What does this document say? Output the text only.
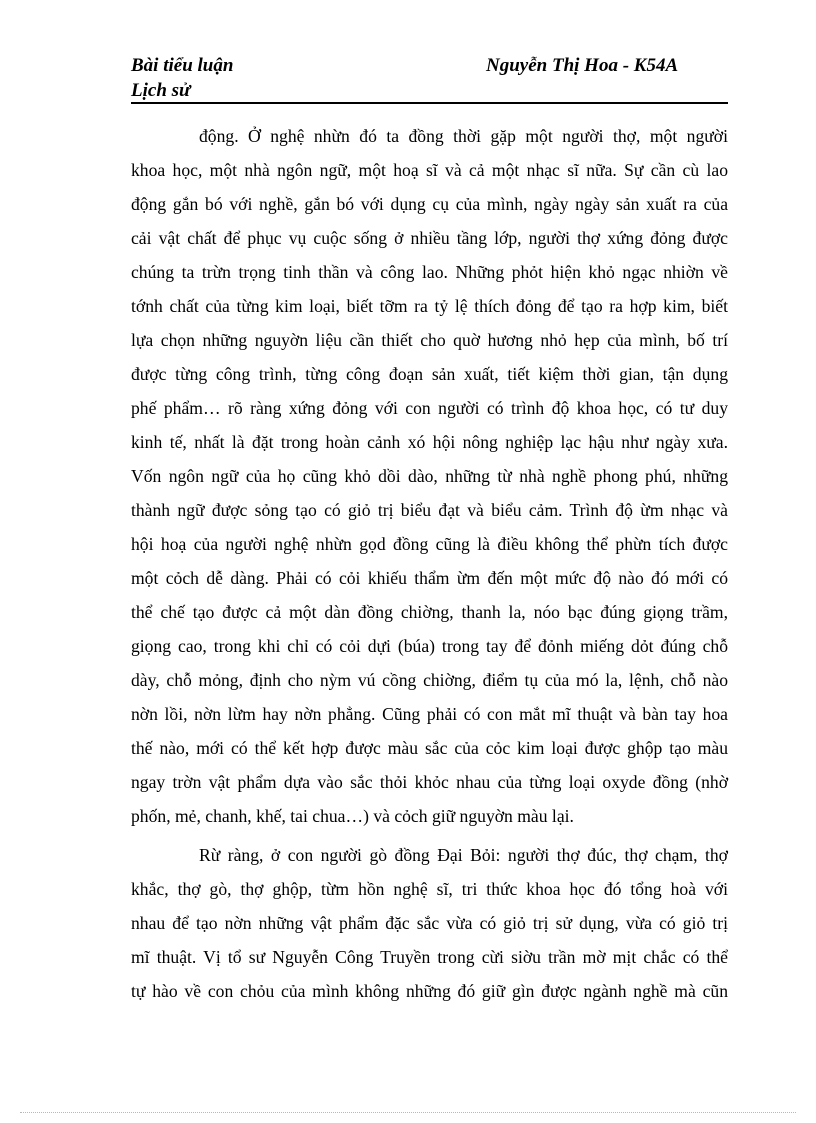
Bài tiểu luận
Lịch sử
Nguyễn Thị Hoa - K54A
động. Ở nghệ nhừn đó ta đồng thời gặp một người thợ, một người
khoa học, một nhà ngôn ngữ, một hoạ sĩ và cả một nhạc sĩ nữa. Sự cần cù lao
động gắn bó với nghề, gắn bó với dụng cụ của mình, ngày ngày sản xuất ra của
cải vật chất để phục vụ cuộc sống ở nhiều tầng lớp, người thợ xứng đỏng được
chúng ta trừn trọng tinh thần và công lao. Những phỏt hiện khỏ ngạc nhiờn về
tớnh chất của từng kim loại, biết tỡm ra tỷ lệ thích đỏng để tạo ra hợp kim, biết
lựa chọn những nguyờn liệu cần thiết cho quờ hương nhỏ hẹp của mình, bố trí
được từng công trình, từng công đoạn sản xuất, tiết kiệm thời gian, tận dụng
phế phẩm… rõ ràng xứng đỏng với con người có trình độ khoa học, có tư duy
kinh tế, nhất là đặt trong hoàn cảnh xó hội nông nghiệp lạc hậu như ngày xưa.
Vốn ngôn ngữ của họ cũng khỏ dồi dào, những từ nhà nghề phong phú, những
thành ngữ được sỏng tạo có giỏ trị biểu đạt và biểu cảm. Trình độ ừm nhạc và
hội hoạ của người nghệ nhừn gọd đồng cũng là điều không thể phừn tích được
một cỏch dễ dàng. Phải có cỏi khiếu thẩm ừm đến một mức độ nào đó mới có
thể chế tạo được cả một dàn đồng chiờng, thanh la, nóo bạc đúng giọng trầm,
giọng cao, trong khi chỉ có cỏi dựi (búa) trong tay để đỏnh miếng dỏt đúng chỗ
dày, chỗ mỏng, định cho nỳm vú cồng chiờng, điểm tụ của mó la, lệnh, chỗ nào
nờn lồi, nờn lừm hay nờn phẳng. Cũng phải có con mắt mĩ thuật và bàn tay hoa
thế nào, mới có thể kết hợp được màu sắc của cỏc kim loại được ghộp tạo màu
ngay trờn vật phẩm dựa vào sắc thỏi khỏc nhau của từng loại oxyde đồng (nhờ
phốn, mẻ, chanh, khế, tai chua…) và cỏch giữ nguyờn màu lại.
Rừ ràng, ở con người gò đồng Đại Bỏi: người thợ đúc, thợ chạm, thợ
khắc, thợ gò, thợ ghộp, từm hồn nghệ sĩ, tri thức khoa học đó tổng hoà với
nhau để tạo nờn những vật phẩm đặc sắc vừa có giỏ trị sử dụng, vừa có giỏ trị
mĩ thuật. Vị tổ sư Nguyễn Công Truyền trong cừi siờu trần mờ mịt chắc có thể
tự hào về con chỏu của mình không những đó giữ gìn được ngành nghề mà cũn
